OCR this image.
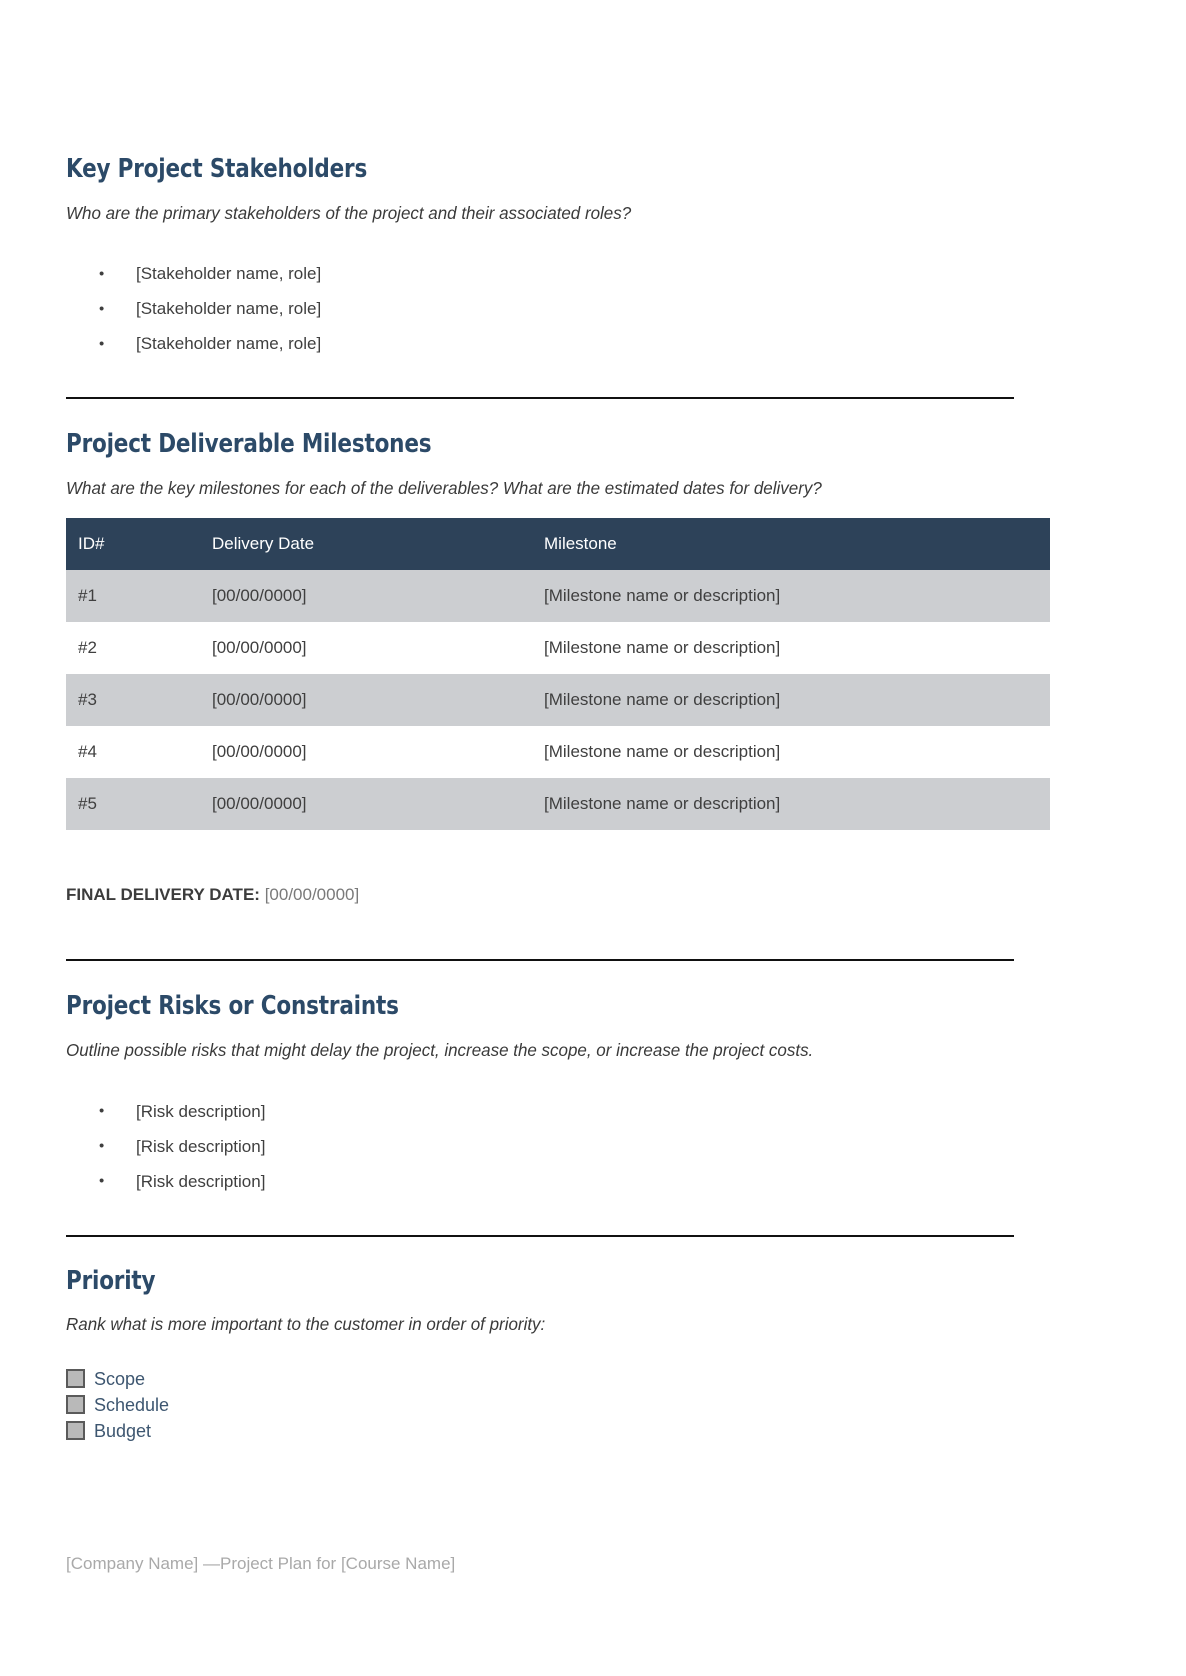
Key Project Stakeholders

Who are the primary stakeholders of the project and their associated roles?

• [Stakeholder name, role]
• [Stakeholder name, role]
• [Stakeholder name, role]
Project Deliverable Milestones

What are the key milestones for each of the deliverables? What are the estimated dates for delivery?

ID#	Delivery Date	Milestone
#1	[00/00/0000]	[Milestone name or description]
#2	[00/00/0000]	[Milestone name or description]
#3	[00/00/0000]	[Milestone name or description]
#4	[00/00/0000]	[Milestone name or description]
#5	[00/00/0000]	[Milestone name or description]

FINAL DELIVERY DATE: [00/00/0000]

Project Risks or Constraints

Outline possible risks that might delay the project, increase the scope, or increase the project costs.

• [Risk description]
• [Risk description]
• [Risk description]
Priority

Rank what is more important to the customer in order of priority:

Scope
Schedule
Budget

[Company Name] —Project Plan for [Course Name]
